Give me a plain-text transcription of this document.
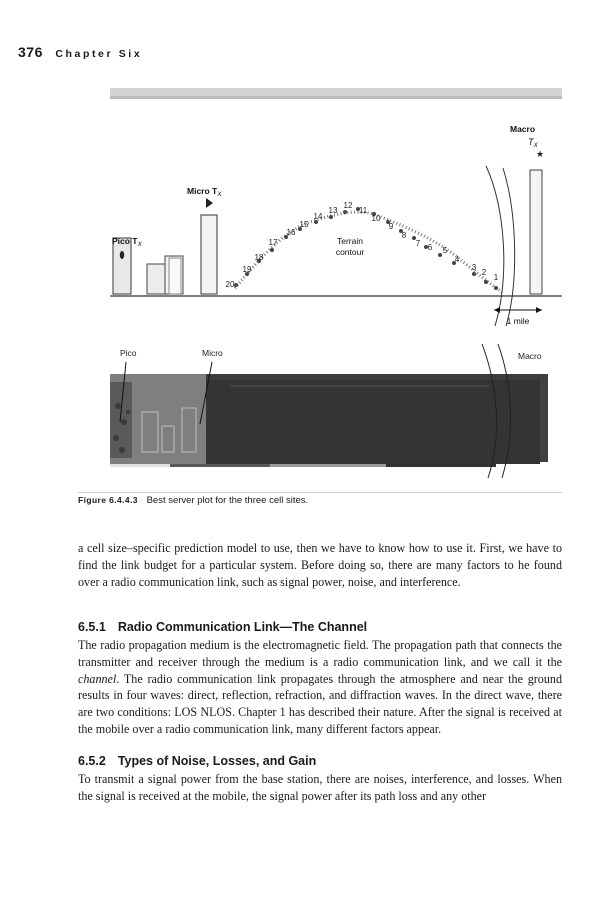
376 Chapter Six
★
1
2
3
4
5
6
7
8
9
10
11
12
13
14
15
16
17
18
19
20
Macro
$T_X$
Micro $T_X$
Pico $T_X$	Terrain
contour
1 mile
Pico	Micro	Macro
Figure 6.4.4.3 Best server plot for the three cell sites.

a cell size–specific prediction model to use, then we have to know how to use it. First, we have to find the link budget for a particular system. Before doing so, there are many factors to he found over a radio communication link, such as signal power, noise, and interference.

6.5.1 Radio Communication Link—The Channel

The radio propagation medium is the electromagnetic field. The propagation path that connects the transmitter and receiver through the medium is a radio communication link, and we call it the channel. The radio communication link propagates through the atmosphere and near the ground results in four waves: direct, reflection, refraction, and diffraction waves. In the direct wave, there are two conditions: LOS NLOS. Chapter 1 has described their nature. After the signal is received at the mobile over a radio communication link, many different factors appear.

6.5.2 Types of Noise, Losses, and Gain

To transmit a signal power from the base station, there are noises, interference, and losses. When the signal is received at the mobile, the signal power after its path loss and any other
